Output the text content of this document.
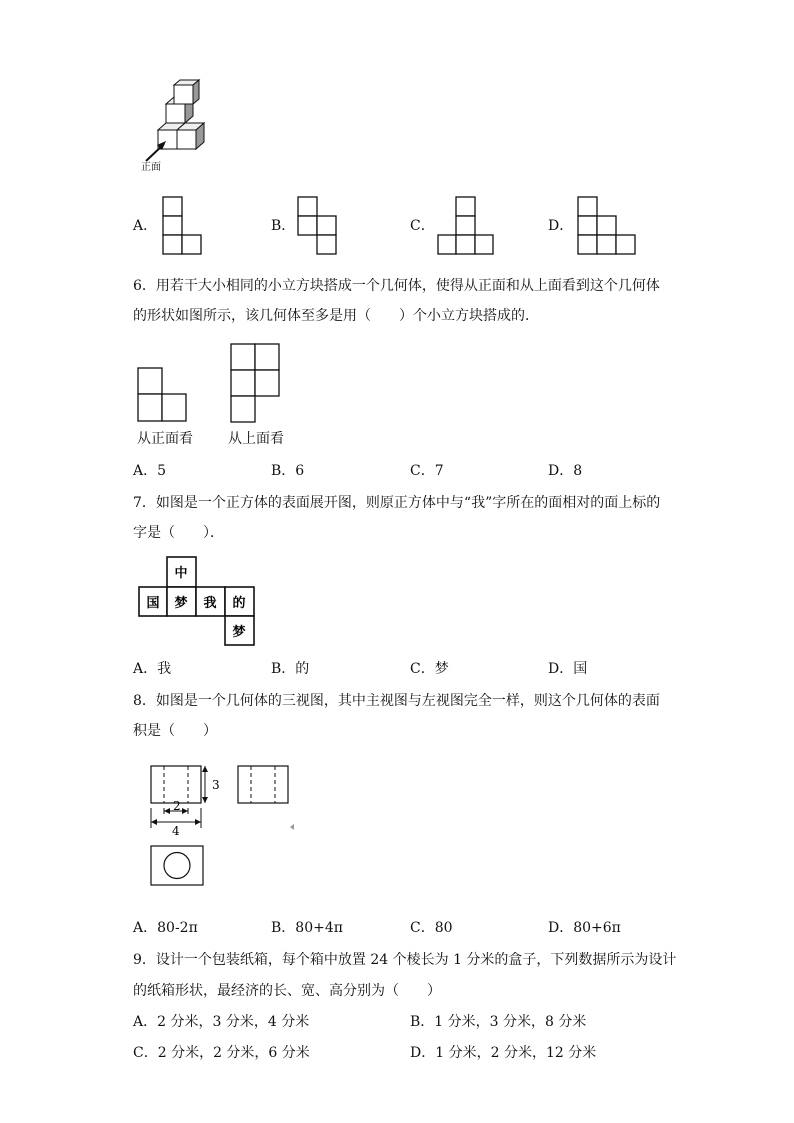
正面
A．	B．	C．	D．
6．用若干大小相同的小立方块搭成一个几何体，使得从正面和从上面看到这个几何体
的形状如图所示，该几何体至多是用（　　）个小立方块搭成的．
从正面看	从上面看
A．5	B．6	C．7	D．8
7．如图是一个正方体的表面展开图，则原正方体中与“我”字所在的面相对的面上标的
字是（　　）．
中
国 梦 我 的
梦
A．我	B．的	C．梦	D．国
8．如图是一个几何体的三视图，其中主视图与左视图完全一样，则这个几何体的表面
积是（　　）
3
2
4
A．80-2π	B．80+4π	C．80	D．80+6π
9．设计一个包装纸箱，每个箱中放置 24 个棱长为 1 分米的盒子，下列数据所示为设计
的纸箱形状，最经济的长、宽、高分别为（　　）
A．2 分米，3 分米，4 分米	B．1 分米，3 分米，8 分米
C．2 分米，2 分米，6 分米	D．1 分米，2 分米，12 分米
